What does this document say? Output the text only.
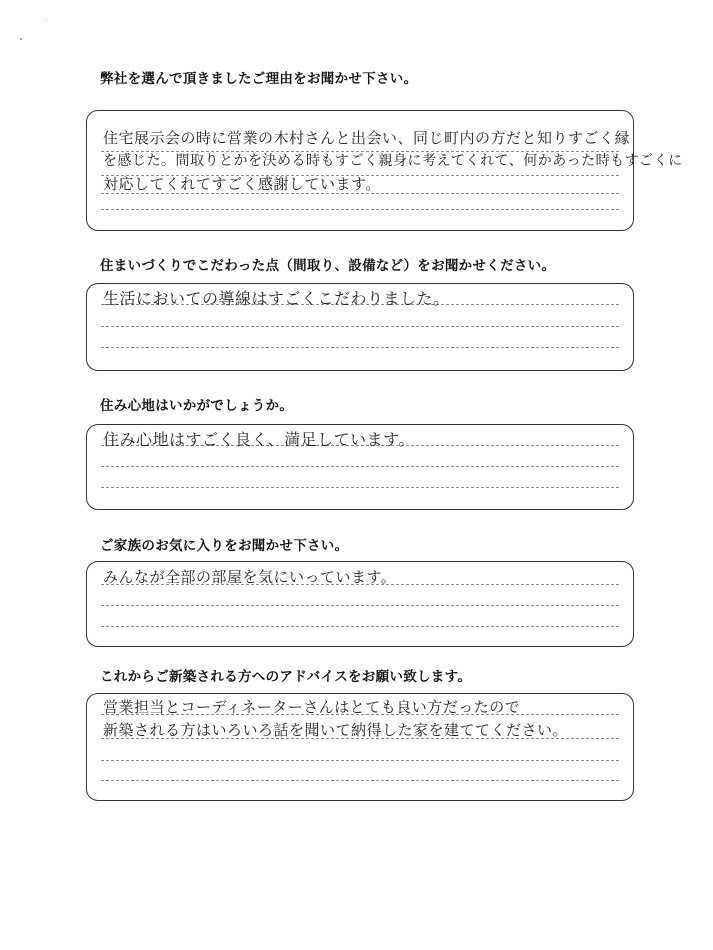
弊社を選んで頂きましたご理由をお聞かせ下さい。
住宅展示会の時に営業の木村さんと出会い、同じ町内の方だと知りすごく縁
を感じた。間取りとかを決める時もすごく親身に考えてくれて、何かあった時もすごくに
対応してくれてすごく感謝しています。
住まいづくりでこだわった点（間取り、設備など）をお聞かせください。
生活においての導線はすごくこだわりました。
住み心地はいかがでしょうか。
住み心地はすごく良く、満足しています。
ご家族のお気に入りをお聞かせ下さい。
みんなが全部の部屋を気にいっています。
これからご新築される方へのアドバイスをお願い致します。
営業担当とコーディネーターさんはとても良い方だったので
新築される方はいろいろ話を聞いて納得した家を建ててください。
